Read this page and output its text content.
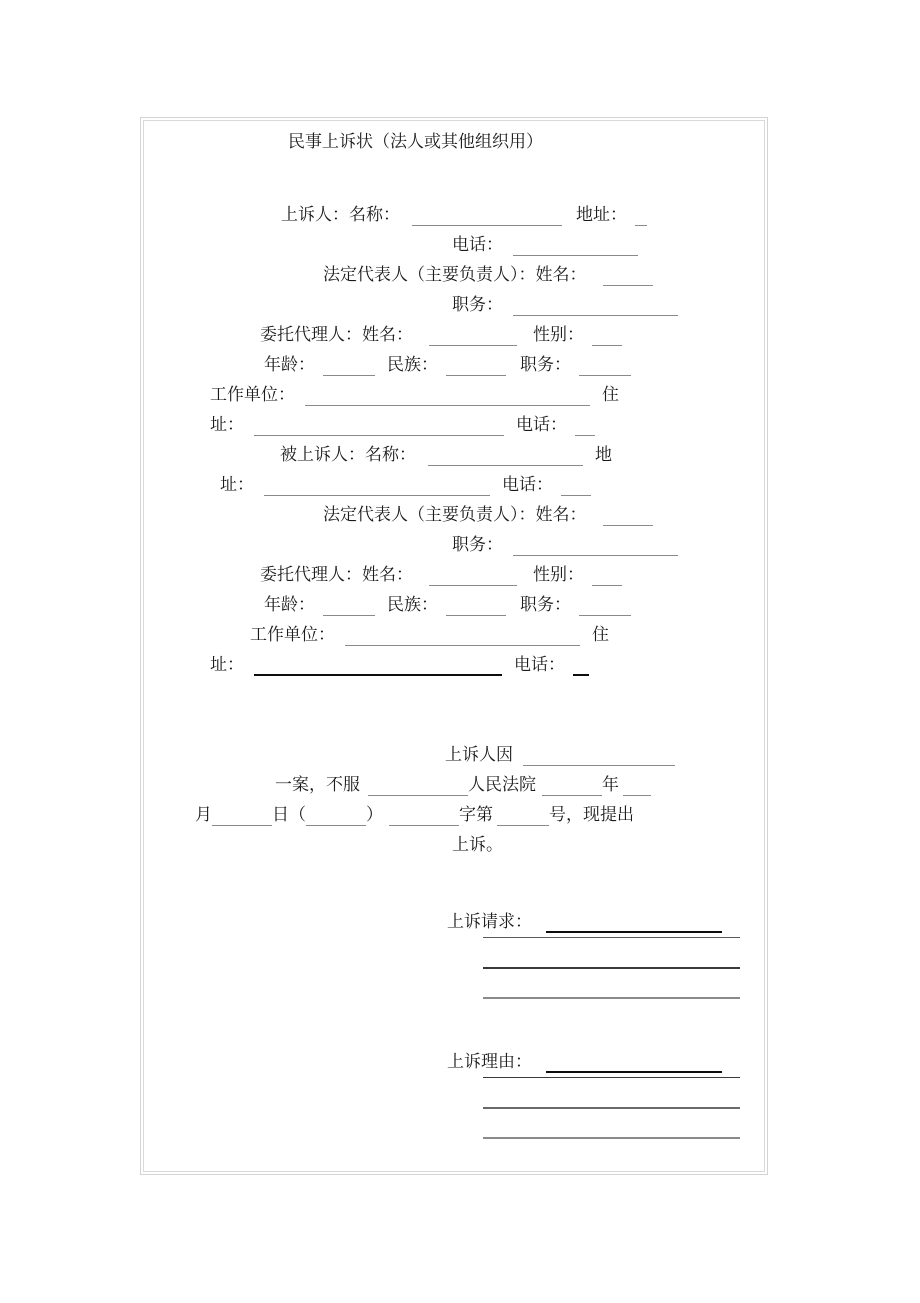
民事上诉状（法人或其他组织用）
上诉人：名称：	地址：
电话：
法定代表人（主要负责人）：姓名：
职务：
委托代理人：姓名：	性别：
年龄：	民族：	职务：
工作单位：	住
址：	电话：
被上诉人：名称：	地
址：	电话：
法定代表人（主要负责人）：姓名：
职务：
委托代理人：姓名：	性别：
年龄：	民族：	职务：
工作单位：	住
址：	电话：
上诉人因
一案，不服	人民法院	年
月	日（	）	字第	号，现提出
上诉。
上诉请求：
上诉理由：
